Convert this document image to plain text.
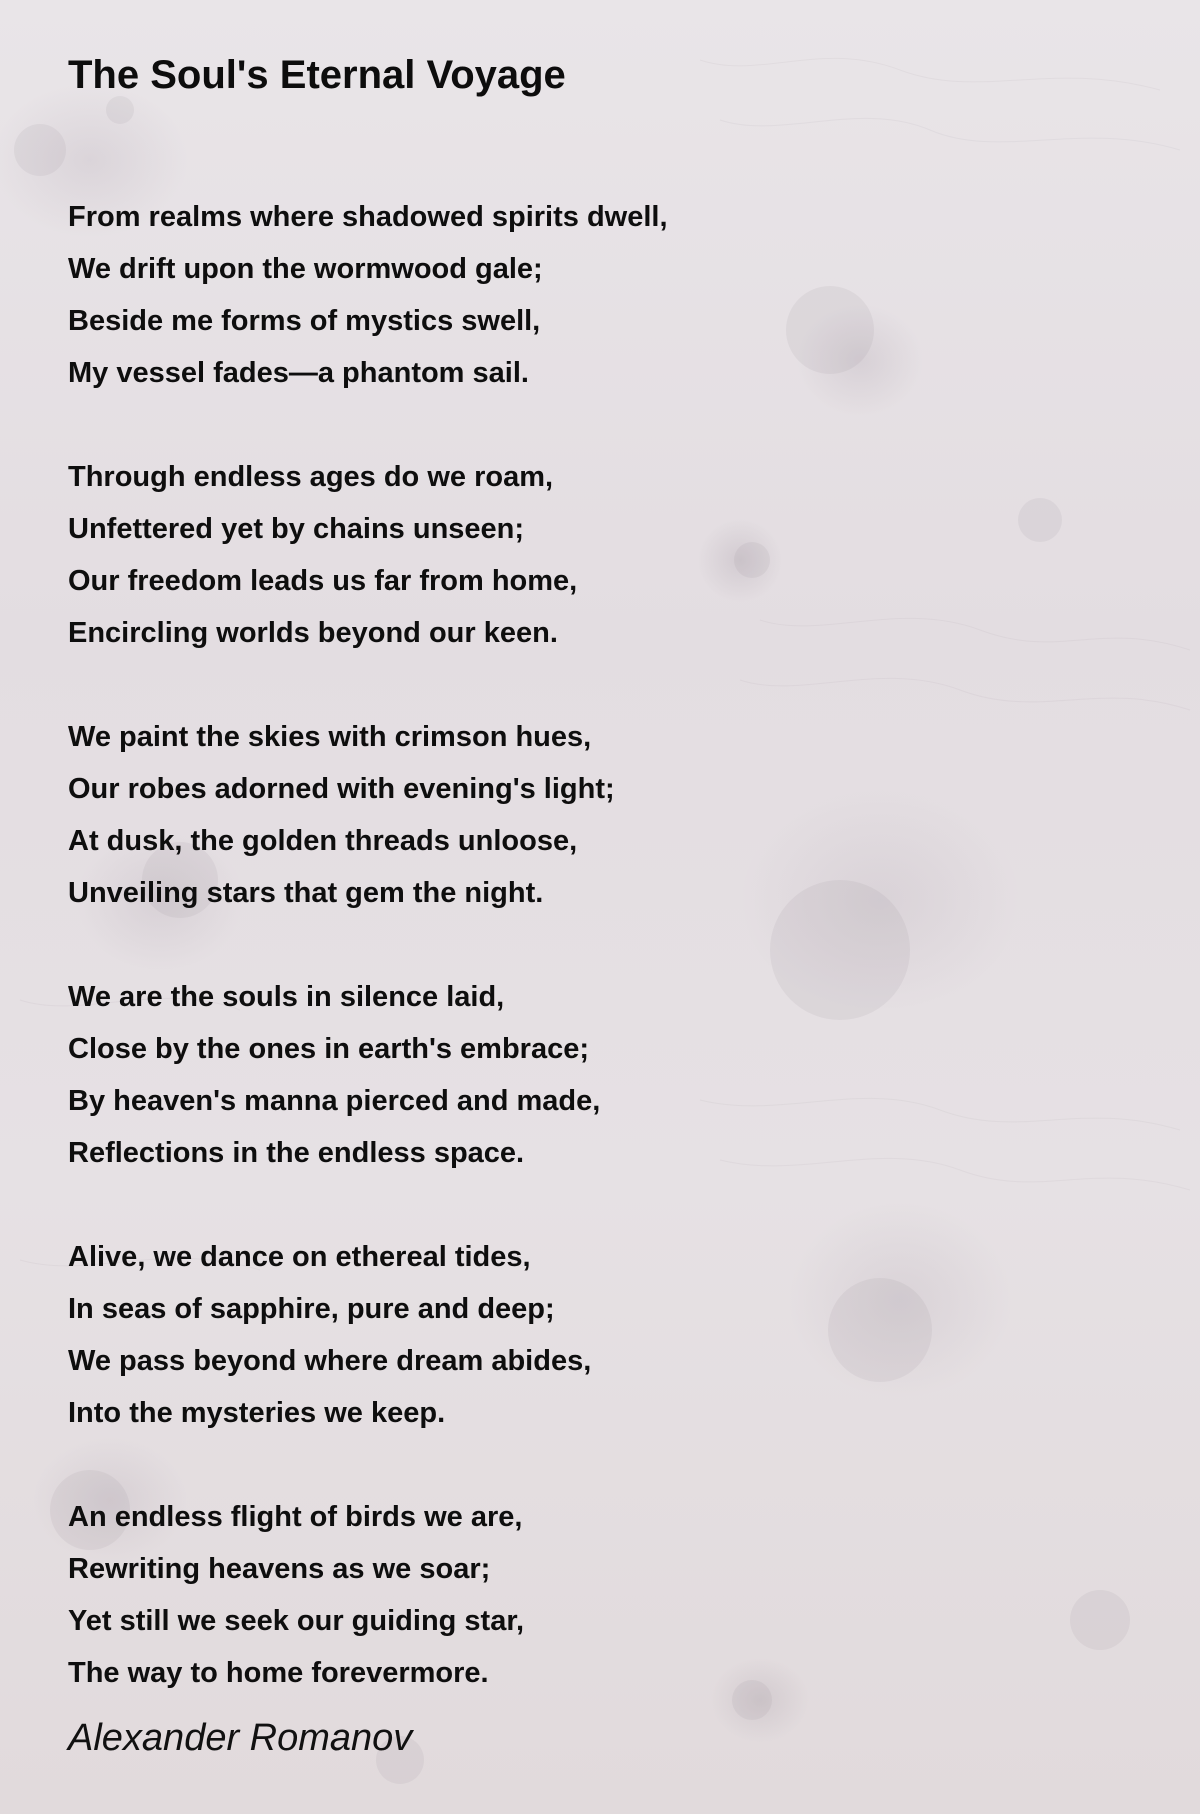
The Soul's Eternal Voyage
From realms where shadowed spirits dwell,
We drift upon the wormwood gale;
Beside me forms of mystics swell,
My vessel fades—a phantom sail.
Through endless ages do we roam,
Unfettered yet by chains unseen;
Our freedom leads us far from home,
Encircling worlds beyond our keen.
We paint the skies with crimson hues,
Our robes adorned with evening's light;
At dusk, the golden threads unloose,
Unveiling stars that gem the night.
We are the souls in silence laid,
Close by the ones in earth's embrace;
By heaven's manna pierced and made,
Reflections in the endless space.
Alive, we dance on ethereal tides,
In seas of sapphire, pure and deep;
We pass beyond where dream abides,
Into the mysteries we keep.
An endless flight of birds we are,
Rewriting heavens as we soar;
Yet still we seek our guiding star,
The way to home forevermore.
Alexander Romanov
